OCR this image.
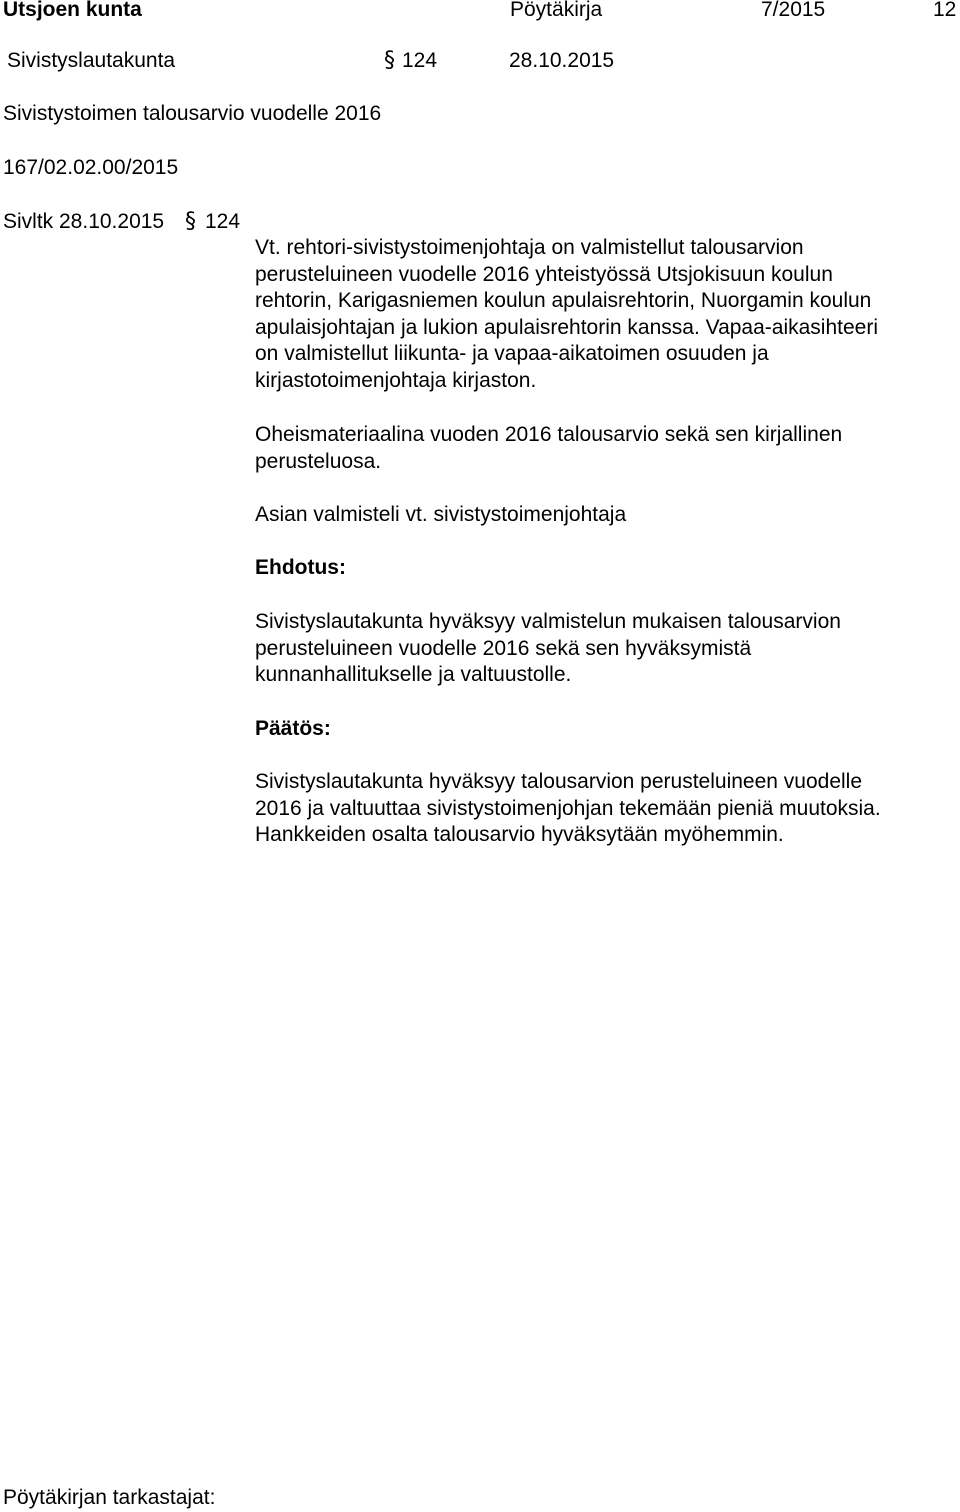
Utsjoen kunta	Pöytäkirja	7/2015	12
Sivistyslautakunta	§ 124	28.10.2015
Sivistystoimen talousarvio vuodelle 2016
167/02.02.00/2015
Sivltk 28.10.2015 § 124
Vt. rehtori-sivistystoimenjohtaja on valmistellut talousarvion
perusteluineen vuodelle 2016 yhteistyössä Utsjokisuun koulun
rehtorin, Karigasniemen koulun apulaisrehtorin, Nuorgamin koulun
apulaisjohtajan ja lukion apulaisrehtorin kanssa. Vapaa-aikasihteeri
on valmistellut liikunta- ja vapaa-aikatoimen osuuden ja
kirjastotoimenjohtaja kirjaston.
Oheismateriaalina vuoden 2016 talousarvio sekä sen kirjallinen
perusteluosa.
Asian valmisteli vt. sivistystoimenjohtaja
Ehdotus:
Sivistyslautakunta hyväksyy valmistelun mukaisen talousarvion
perusteluineen vuodelle 2016 sekä sen hyväksymistä
kunnanhallitukselle ja valtuustolle.
Päätös:
Sivistyslautakunta hyväksyy talousarvion perusteluineen vuodelle
2016 ja valtuuttaa sivistystoimenjohjan tekemään pieniä muutoksia.
Hankkeiden osalta talousarvio hyväksytään myöhemmin.
Pöytäkirjan tarkastajat:
